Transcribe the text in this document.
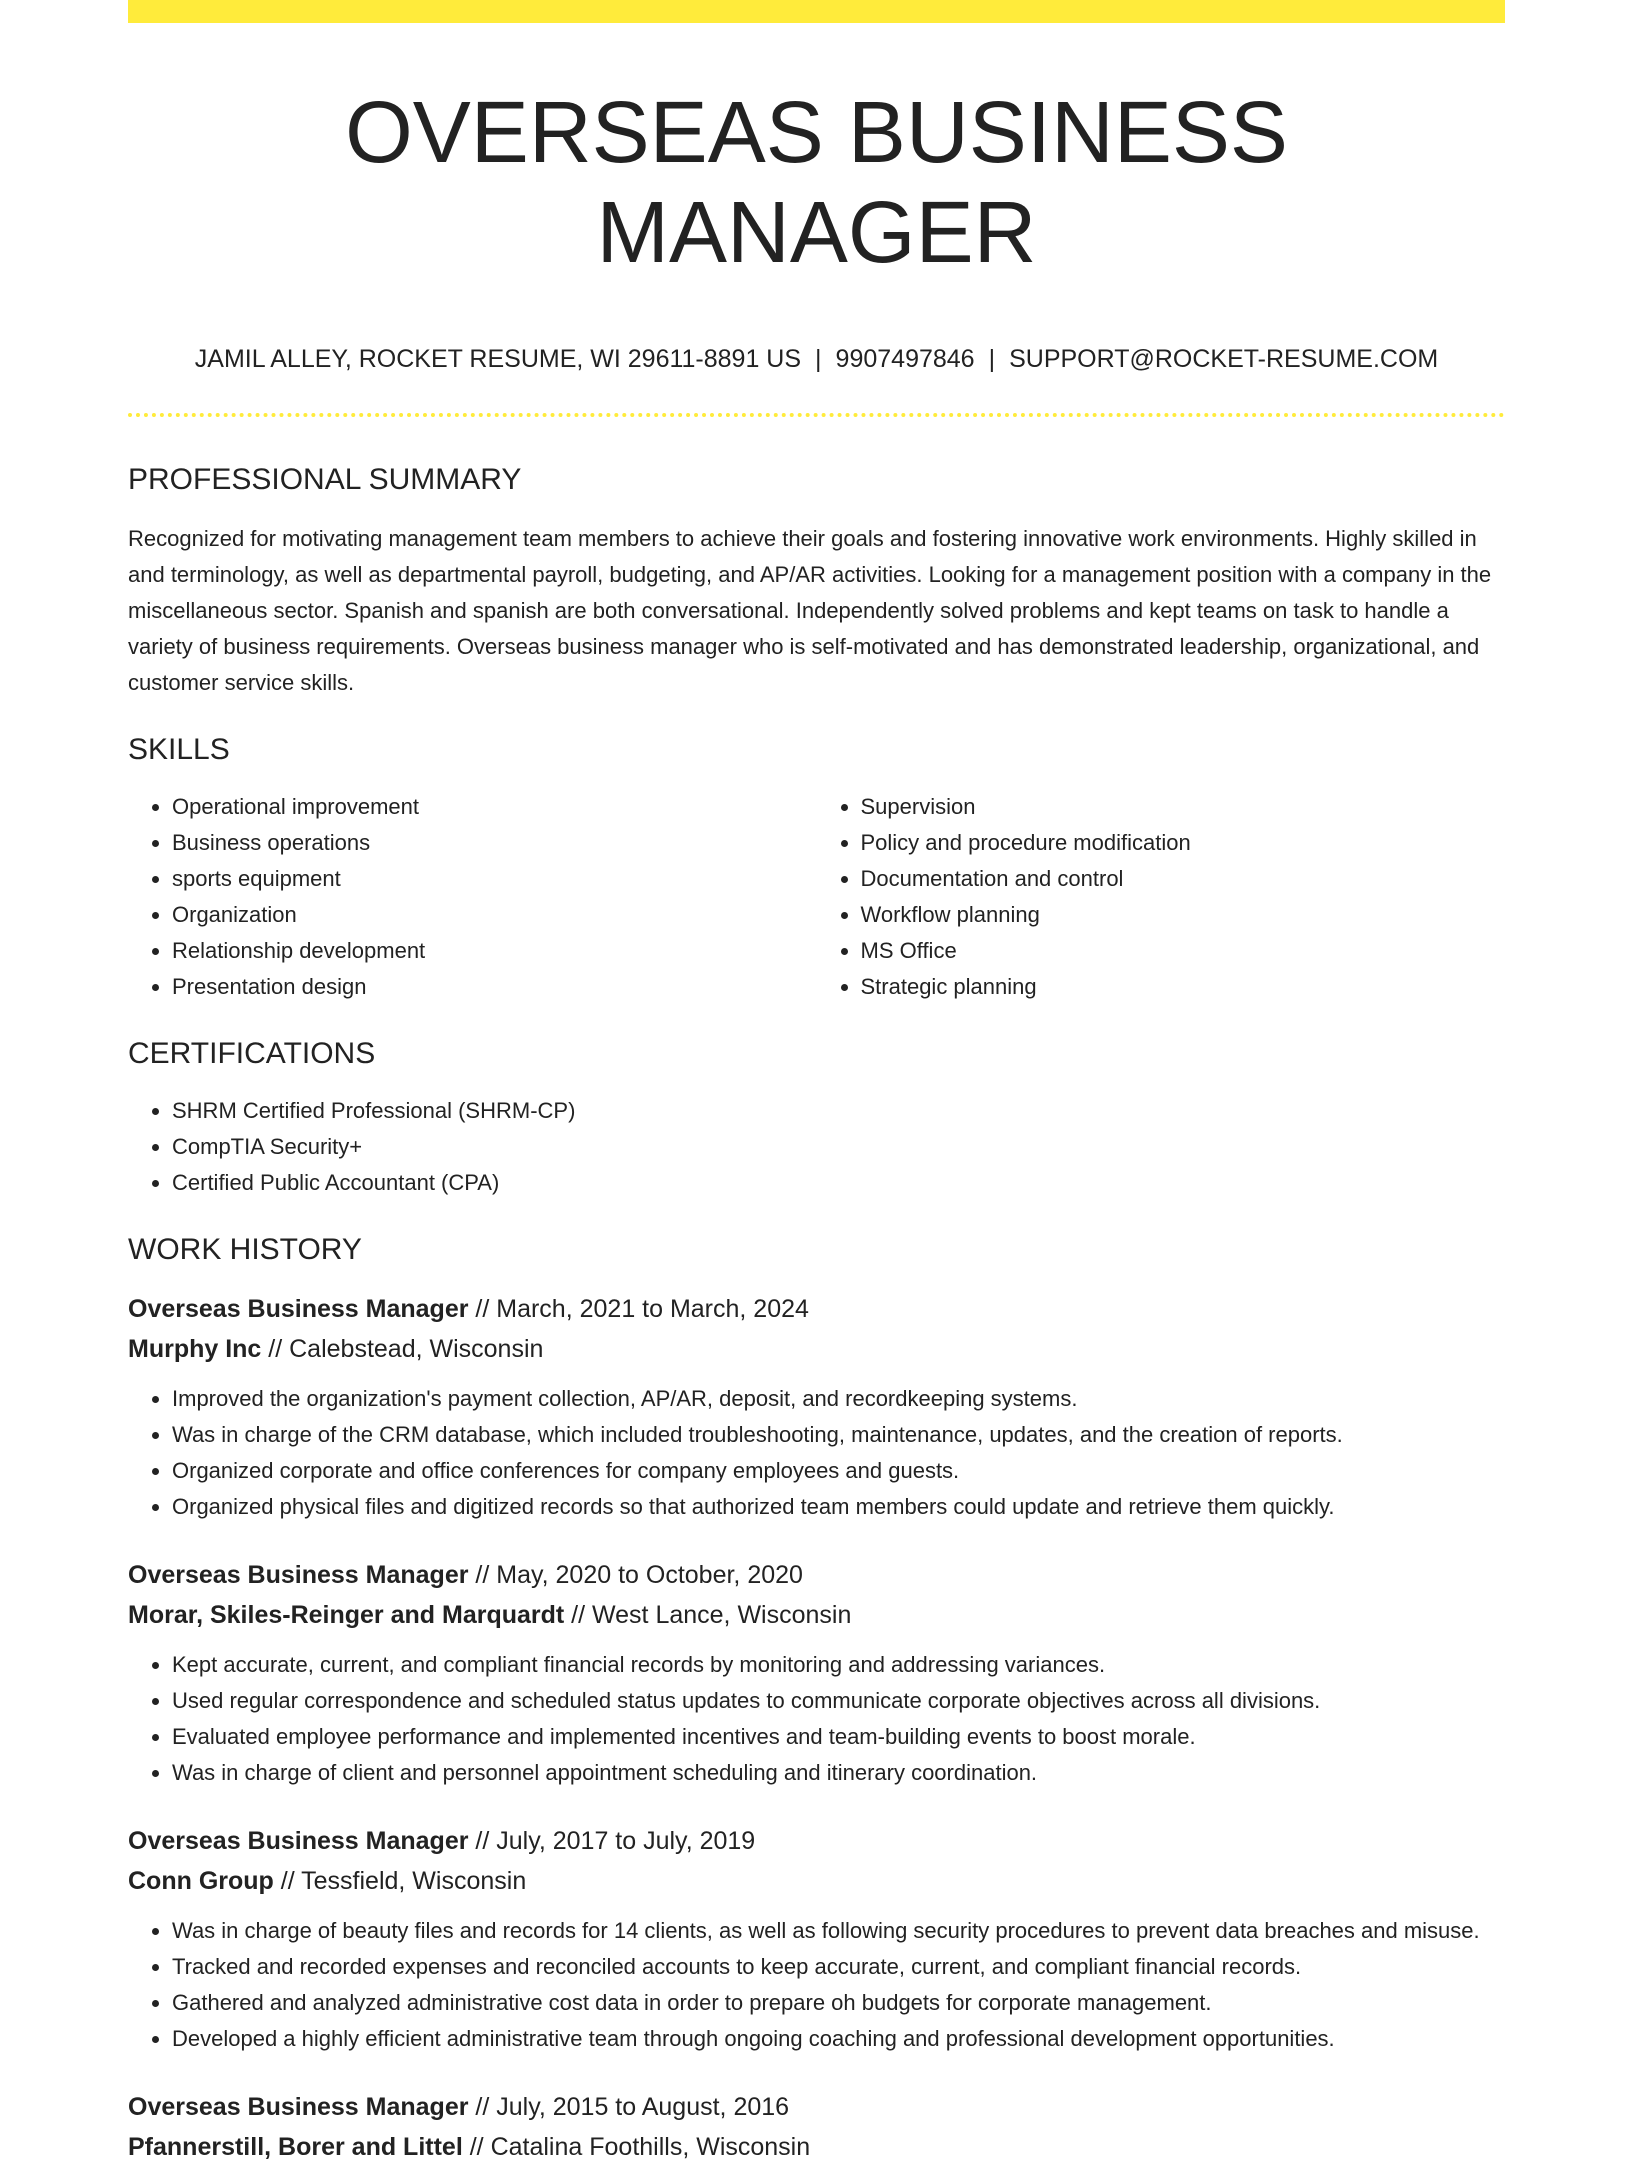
OVERSEAS BUSINESS MANAGER
JAMIL ALLEY, ROCKET RESUME, WI 29611-8891 US | 9907497846 | SUPPORT@ROCKET-RESUME.COM
PROFESSIONAL SUMMARY

Recognized for motivating management team members to achieve their goals and fostering innovative work environments. Highly skilled in and terminology, as well as departmental payroll, budgeting, and AP/AR activities. Looking for a management position with a company in the miscellaneous sector. Spanish and spanish are both conversational. Independently solved problems and kept teams on task to handle a variety of business requirements. Overseas business manager who is self-motivated and has demonstrated leadership, organizational, and customer service skills.

SKILLS
• Operational improvement
• Business operations
• sports equipment
• Organization
• Relationship development
• Presentation design
• Supervision
• Policy and procedure modification
• Documentation and control
• Workflow planning
• MS Office
• Strategic planning
CERTIFICATIONS
• SHRM Certified Professional (SHRM-CP)
• CompTIA Security+
• Certified Public Accountant (CPA)
WORK HISTORY
Overseas Business Manager // March, 2021 to March, 2024
Murphy Inc // Calebstead, Wisconsin
• Improved the organization's payment collection, AP/AR, deposit, and recordkeeping systems.
• Was in charge of the CRM database, which included troubleshooting, maintenance, updates, and the creation of reports.
• Organized corporate and office conferences for company employees and guests.
• Organized physical files and digitized records so that authorized team members could update and retrieve them quickly.
Overseas Business Manager // May, 2020 to October, 2020
Morar, Skiles-Reinger and Marquardt // West Lance, Wisconsin
• Kept accurate, current, and compliant financial records by monitoring and addressing variances.
• Used regular correspondence and scheduled status updates to communicate corporate objectives across all divisions.
• Evaluated employee performance and implemented incentives and team-building events to boost morale.
• Was in charge of client and personnel appointment scheduling and itinerary coordination.
Overseas Business Manager // July, 2017 to July, 2019
Conn Group // Tessfield, Wisconsin
• Was in charge of beauty files and records for 14 clients, as well as following security procedures to prevent data breaches and misuse.
• Tracked and recorded expenses and reconciled accounts to keep accurate, current, and compliant financial records.
• Gathered and analyzed administrative cost data in order to prepare oh budgets for corporate management.
• Developed a highly efficient administrative team through ongoing coaching and professional development opportunities.
Overseas Business Manager // July, 2015 to August, 2016
Pfannerstill, Borer and Littel // Catalina Foothills, Wisconsin
